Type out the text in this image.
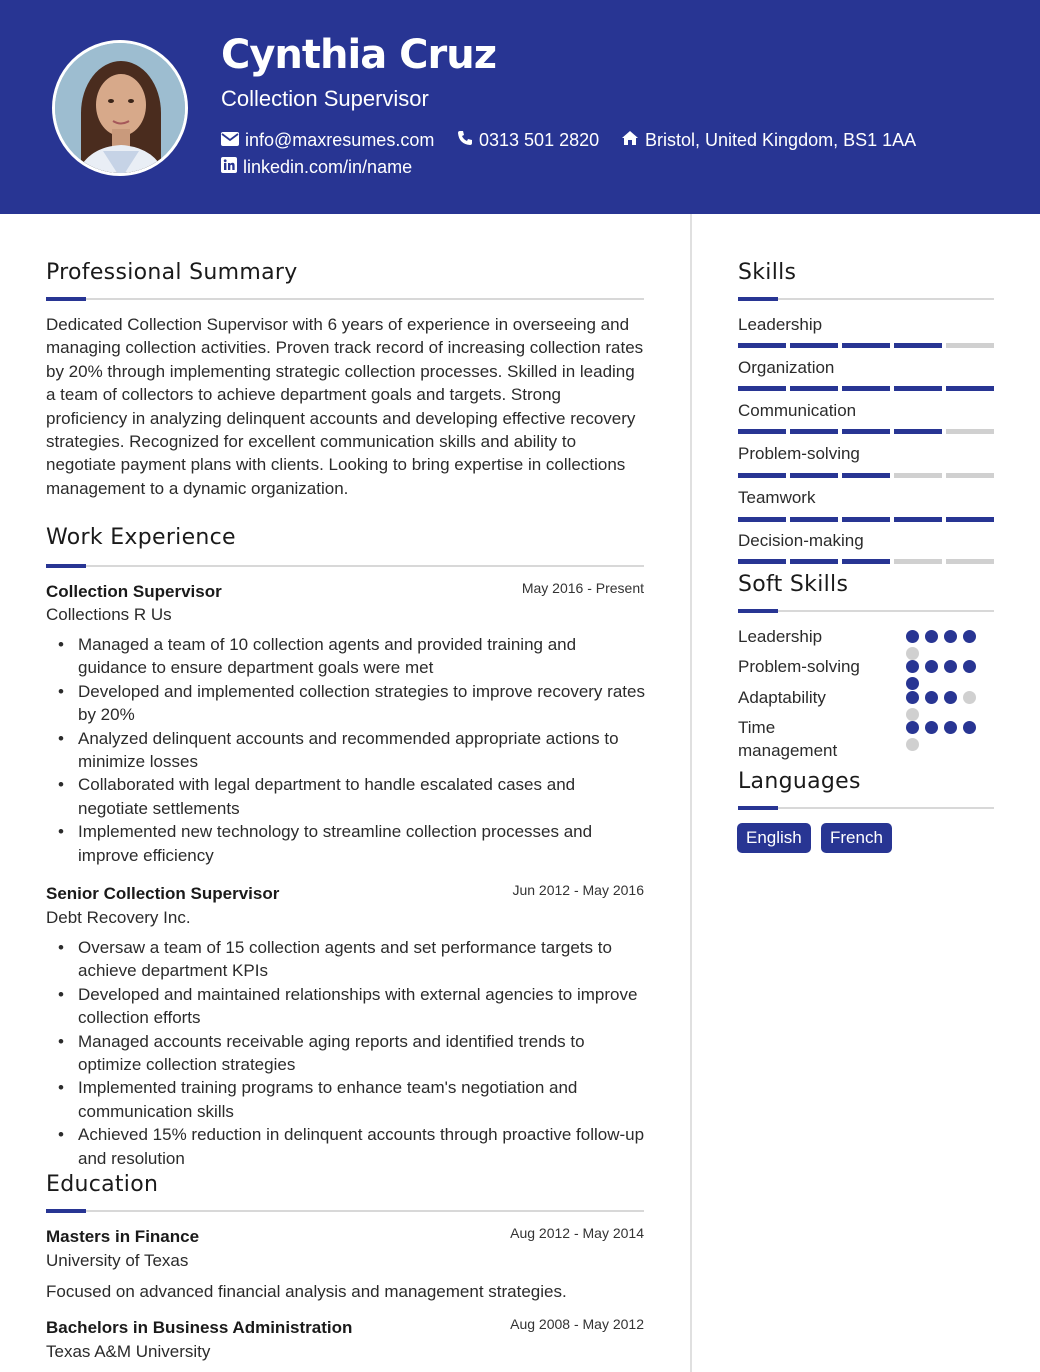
Cynthia Cruz
Collection Supervisor
info@maxresumes.com 0313 501 2820	Bristol, United Kingdom, BS1 1AA
linkedin.com/in/name
Professional Summary
Dedicated Collection Supervisor with 6 years of experience in overseeing and managing collection activities. Proven track record of increasing collection rates by 20% through implementing strategic collection processes. Skilled in leading a team of collectors to achieve department goals and targets. Strong proficiency in analyzing delinquent accounts and developing effective recovery strategies. Recognized for excellent communication skills and ability to negotiate payment plans with clients. Looking to bring expertise in collections management to a dynamic organization.
Work Experience
Collection Supervisor	May 2016 - Present
Collections R Us
• Managed a team of 10 collection agents and provided training and guidance to ensure department goals were met
• Developed and implemented collection strategies to improve recovery rates by 20%
• Analyzed delinquent accounts and recommended appropriate actions to minimize losses
• Collaborated with legal department to handle escalated cases and negotiate settlements
• Implemented new technology to streamline collection processes and improve efficiency
Senior Collection Supervisor	Jun 2012 - May 2016
Debt Recovery Inc.
• Oversaw a team of 15 collection agents and set performance targets to achieve department KPIs
• Developed and maintained relationships with external agencies to improve collection efforts
• Managed accounts receivable aging reports and identified trends to optimize collection strategies
• Implemented training programs to enhance team's negotiation and communication skills
• Achieved 15% reduction in delinquent accounts through proactive follow-up and resolution
Education
Masters in Finance	Aug 2012 - May 2014
University of Texas
Focused on advanced financial analysis and management strategies.
Bachelors in Business Administration	Aug 2008 - May 2012
Texas A&M University
Skills
Leadership
Organization
Communication
Problem-solving
Teamwork
Decision-making
Soft Skills
Leadership
Problem-solving
Adaptability
Time management
Languages
English	French
